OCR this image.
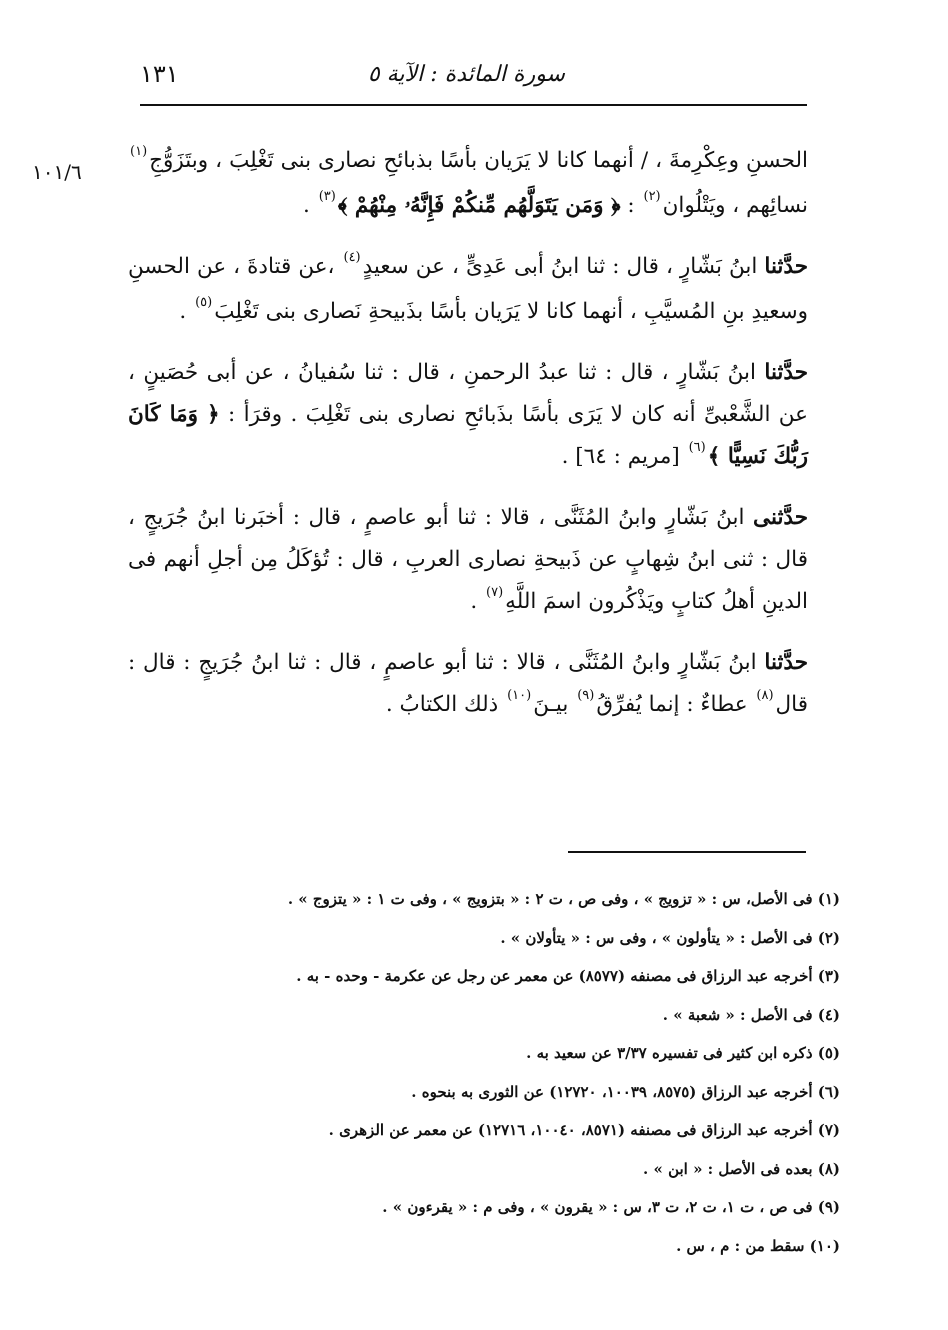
١٣١	سورة المائدة : الآية ٥
١٠١/٦	الحسنِ وعِكْرِمةَ ، / أنهما كانا لا يَرَيان بأسًا بذبائحِ نصارى بنى تَغْلِبَ ، وبتَزَوُّجِ$^{(١)}$ نسائِهم ، ويَتْلُوان$^{(٢)}$ : ﴿ وَمَن يَتَوَلَّهُم مِّنكُمْ فَإِنَّهُۥ مِنْهُمْ ﴾$^{(٣)}$ .

حدَّثنا ابنُ بَشّارٍ ، قال : ثنا ابنُ أبى عَدِىٍّ ، عن سعيدٍ$^{(٤)}$ ،عن قتادةَ ، عن الحسنِ وسعيدِ بنِ المُسيَّبِ ، أنهما كانا لا يَرَيان بأسًا بذَبيحةِ نَصارى بنى تَغْلِبَ$^{(٥)}$ .

حدَّثنا ابنُ بَشّارٍ ، قال : ثنا عبدُ الرحمنِ ، قال : ثنا سُفيانُ ، عن أبى حُصَينٍ ، عن الشَّعْبىِّ أنه كان لا يَرَى بأسًا بذَبائحِ نصارى بنى تَغْلِبَ . وقرَأ : ﴿ وَمَا كَانَ رَبُّكَ نَسِيًّا ﴾$^{(٦)}$ [مريم : ٦٤] .

حدَّثنى ابنُ بَشّارٍ وابنُ المُثَنَّى ، قالا : ثنا أبو عاصمٍ ، قال : أخبَرنا ابنُ جُرَيجٍ ، قال : ثنى ابنُ شِهابٍ عن ذَبيحةِ نصارى العربِ ، قال : تُؤكَلُ مِن أجلِ أنهم فى الدينِ أهلُ كتابٍ ويَذْكُرون اسمَ اللَّهِ$^{(٧)}$ .

حدَّثنا ابنُ بَشّارٍ وابنُ المُثَنَّى ، قالا : ثنا أبو عاصمٍ ، قال : ثنا ابنُ جُرَيجٍ : قال : قال$^{(٨)}$ عطاءٌ : إنما يُفرِّقُ$^{(٩)}$ بيـنَ$^{(١٠)}$ ذلك الكتابُ .

(١) فى الأصل، س : « تزويج » ، وفى ص ، ت ٢ : « بتزويج » ، وفى ت ١ : « يتزوج » .

(٢) فى الأصل : « يتأولون » ، وفى س : « يتأولان » .

(٣) أخرجه عبد الرزاق فى مصنفه (٨٥٧٧) عن معمر عن رجل عن عكرمة - وحده - به .

(٤) فى الأصل : « شعبة » .

(٥) ذكره ابن كثير فى تفسيره ٣/٣٧ عن سعيد به .

(٦) أخرجه عبد الرزاق (٨٥٧٥، ١٠٠٣٩، ١٢٧٢٠) عن الثورى به بنحوه .

(٧) أخرجه عبد الرزاق فى مصنفه (٨٥٧١، ١٠٠٤٠، ١٢٧١٦) عن معمر عن الزهرى .

(٨) بعده فى الأصل : « ابن » .

(٩) فى ص ، ت ١، ت ٢، ت ٣، س : « يقرون » ، وفى م : « يقرءون » .

(١٠) سقط من : م ، س .
